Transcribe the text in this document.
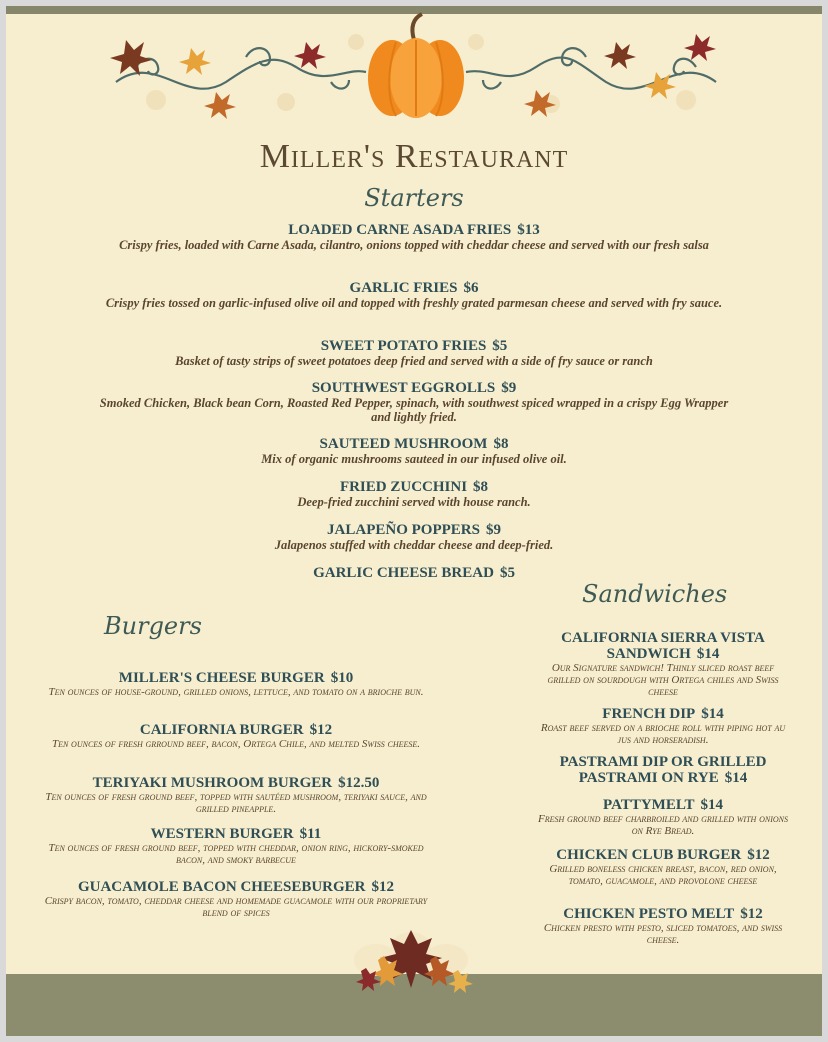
Miller's Restaurant
Starters
LOADED CARNE ASADA FRIES $13
Crispy fries, loaded with Carne Asada, cilantro, onions topped with cheddar cheese and served with our fresh salsa
GARLIC FRIES $6
Crispy fries tossed on garlic-infused olive oil and topped with freshly grated parmesan cheese and served with fry sauce.
SWEET POTATO FRIES $5
Basket of tasty strips of sweet potatoes deep fried and served with a side of fry sauce or ranch
SOUTHWEST EGGROLLS $9
Smoked Chicken, Black bean Corn, Roasted Red Pepper, spinach, with southwest spiced wrapped in a crispy Egg Wrapper and lightly fried.
SAUTEED MUSHROOM $8
Mix of organic mushrooms sauteed in our infused olive oil.
FRIED ZUCCHINI $8
Deep-fried zucchini served with house ranch.
JALAPEÑO POPPERS $9
Jalapenos stuffed with cheddar cheese and deep-fried.
GARLIC CHEESE BREAD $5
Burgers
MILLER'S CHEESE BURGER $10
Ten ounces of house-ground, grilled onions, lettuce, and tomato on a brioche bun.
CALIFORNIA BURGER $12
Ten ounces of fresh grround beef, bacon, Ortega Chile, and melted Swiss cheese.
TERIYAKI MUSHROOM BURGER $12.50
Ten ounces of fresh ground beef, topped with sautéed mushroom, teriyaki sauce, and grilled pineapple.
WESTERN BURGER $11
Ten ounces of fresh ground beef, topped with cheddar, onion ring, hickory-smoked bacon, and smoky barbecue
GUACAMOLE BACON CHEESEBURGER $12
Crispy bacon, tomato, cheddar cheese and homemade guacamole with our proprietary blend of spices
Sandwiches
CALIFORNIA SIERRA VISTA SANDWICH $14
Our Signature sandwich! Thinly sliced roast beef grilled on sourdough with Ortega chiles and Swiss cheese
FRENCH DIP $14
Roast beef served on a brioche roll with piping hot au jus and horseradish.
PASTRAMI DIP OR GRILLED PASTRAMI ON RYE $14
PATTYMELT $14
Fresh ground beef charbroiled and grilled with onions on Rye Bread.
CHICKEN CLUB BURGER $12
Grilled boneless chicken breast, bacon, red onion, tomato, guacamole, and provolone cheese
CHICKEN PESTO MELT $12
Chicken presto with pesto, sliced tomatoes, and swiss cheese.
